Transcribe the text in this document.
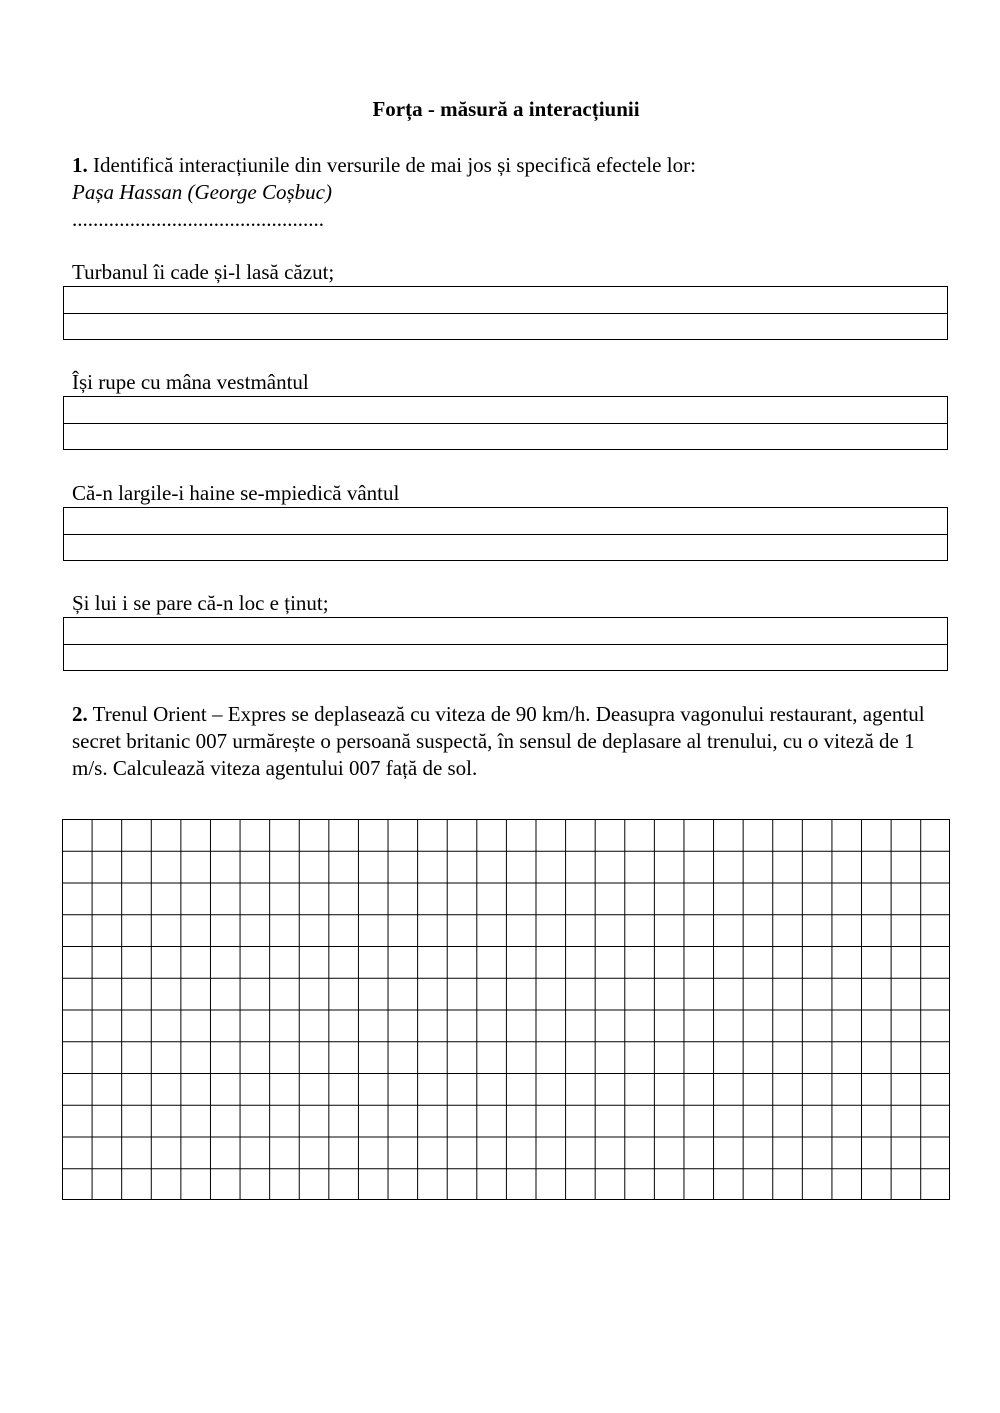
Forța - măsură a interacțiunii
1. Identifică interacțiunile din versurile de mai jos și specifică efectele lor:
Pașa Hassan (George Coșbuc)
................................................
Turbanul îi cade și-l lasă căzut;
Își rupe cu mâna vestmântul
Că-n largile-i haine se-mpiedică vântul
Și lui i se pare că-n loc e ținut;
2. Trenul Orient – Expres se deplasează cu viteza de 90 km/h. Deasupra vagonului restaurant, agentul secret britanic 007 urmărește o persoană suspectă, în sensul de deplasare al trenului, cu o viteză de 1 m/s. Calculează viteza agentului 007 față de sol.
